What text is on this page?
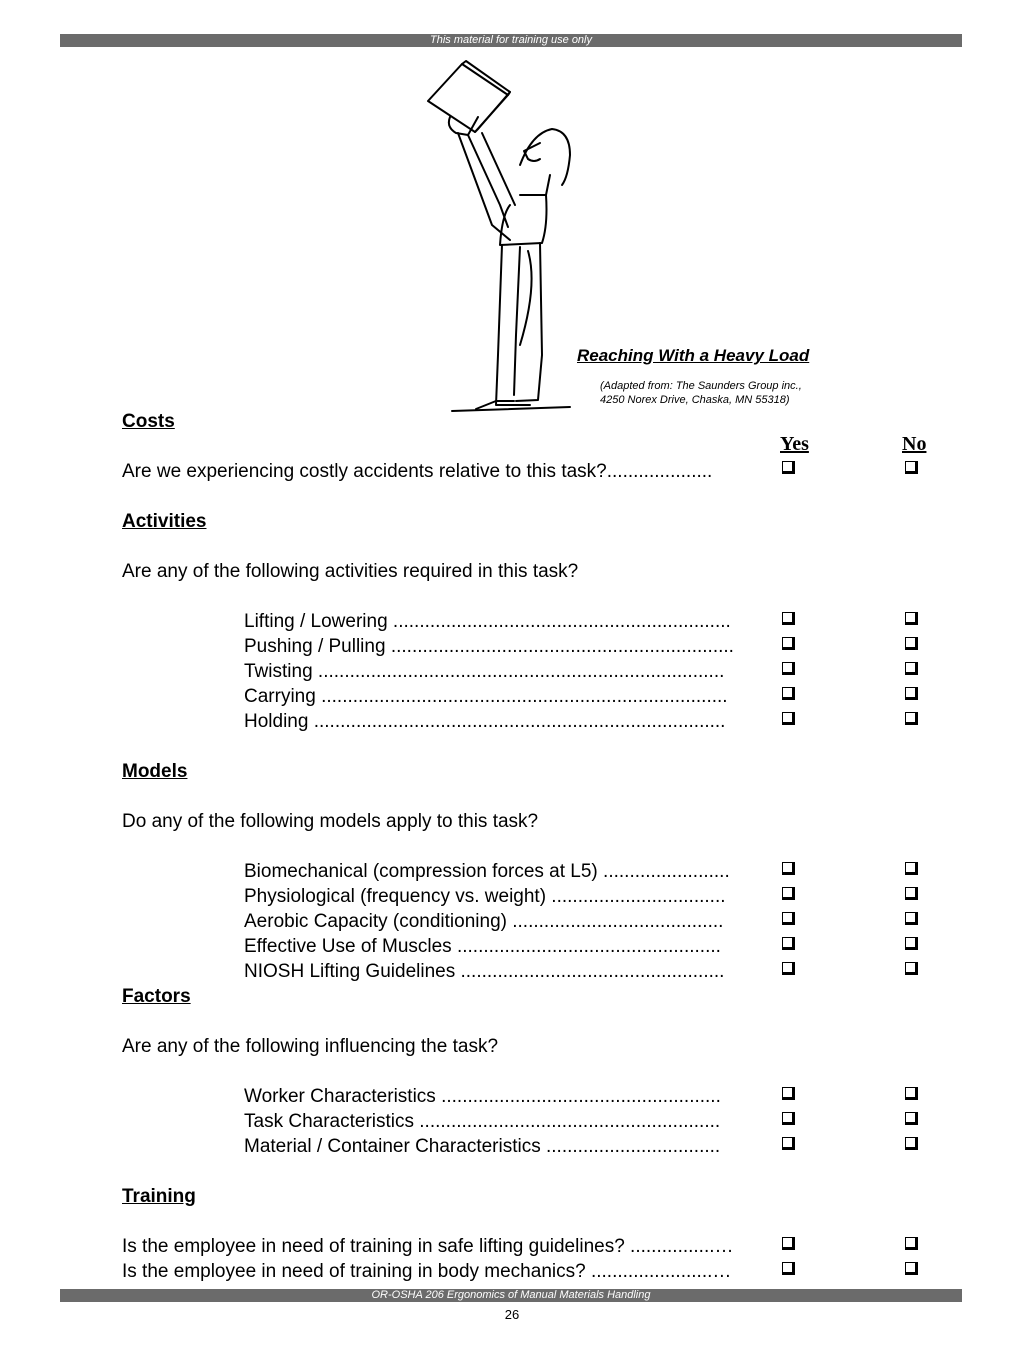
This material for training use only
Reaching With a Heavy Load
(Adapted from: The Saunders Group inc.,
4250 Norex Drive, Chaska, MN 55318)
Costs
Yes	No
Are we experiencing costly accidents relative to this task?....................
Activities
Are any of the following activities required in this task?
Lifting / Lowering ................................................................
Pushing / Pulling .................................................................
Twisting .............................................................................
Carrying .............................................................................
Holding ..............................................................................
Models
Do any of the following models apply to this task?
Biomechanical (compression forces at L5) ........................
Physiological (frequency vs. weight) .................................
Aerobic Capacity (conditioning) ........................................
Effective Use of Muscles ..................................................
NIOSH Lifting Guidelines ..................................................
Factors
Are any of the following influencing the task?
Worker Characteristics .....................................................
Task Characteristics .........................................................
Material / Container Characteristics .................................
Training
Is the employee in need of training in safe lifting guidelines? ................…
Is the employee in need of training in body mechanics? .......................…
OR-OSHA 206 Ergonomics of Manual Materials Handling
26
